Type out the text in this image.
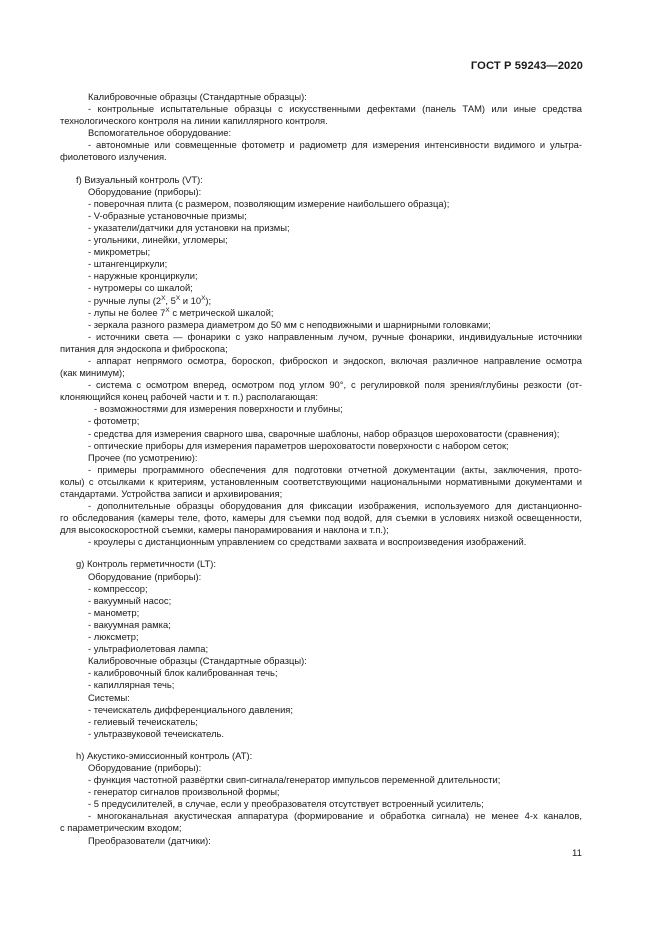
ГОСТ Р 59243—2020
Калибровочные образцы (Стандартные образцы):
- контрольные испытательные образцы с искусственными дефектами (панель ТАМ) или иные средства
технологического контроля на линии капиллярного контроля.
Вспомогательное оборудование:
- автономные или совмещенные фотометр и радиометр для измерения интенсивности видимого и ультра-
фиолетового излучения.
f) Визуальный контроль (VT):
Оборудование (приборы):
- поверочная плита (с размером, позволяющим измерение наибольшего образца);
- V-образные установочные призмы;
- указатели/датчики для установки на призмы;
- угольники, линейки, угломеры;
- микрометры;
- штангенциркули;
- наружные кронциркули;
- нутромеры со шкалой;
- ручные лупы ($2^X$, $5^X$ и $10^X$);
- лупы не более $7^X$ с метрической шкалой;
- зеркала разного размера диаметром до 50 мм с неподвижными и шарнирными головками;
- источники света — фонарики с узко направленным лучом, ручные фонарики, индивидуальные источники
питания для эндоскопа и фиброскопа;
- аппарат непрямого осмотра, бороскоп, фиброскоп и эндоскоп, включая различное направление осмотра
(как минимум);
- система с осмотром вперед, осмотром под углом 90°, с регулировкой поля зрения/глубины резкости (от-
клоняющийся конец рабочей части и т. п.) располагающая:
- возможностями для измерения поверхности и глубины;
- фотометр;
- средства для измерения сварного шва, сварочные шаблоны, набор образцов шероховатости (сравнения);
- оптические приборы для измерения параметров шероховатости поверхности с набором сеток;
Прочее (по усмотрению):
- примеры программного обеспечения для подготовки отчетной документации (акты, заключения, прото-
колы) с отсылками к критериям, установленным соответствующими национальными нормативными документами и
стандартами. Устройства записи и архивирования;
- дополнительные образцы оборудования для фиксации изображения, используемого для дистанционно-
го обследования (камеры теле, фото, камеры для съемки под водой, для съемки в условиях низкой освещенности,
для высокоскоростной съемки, камеры панорамирования и наклона и т.п.);
- кроулеры с дистанционным управлением со средствами захвата и воспроизведения изображений.
g) Контроль герметичности (LT):
Оборудование (приборы):
- компрессор;
- вакуумный насос;
- манометр;
- вакуумная рамка;
- люксметр;
- ультрафиолетовая лампа;
Калибровочные образцы (Стандартные образцы):
- калибровочный блок калиброванная течь;
- капиллярная течь;
Системы:
- течеискатель дифференциального давления;
- гелиевый течеискатель;
- ультразвуковой течеискатель.
h) Акустико-эмиссионный контроль (AT):
Оборудование (приборы):
- функция частотной развёртки свип-сигнала/генератор импульсов переменной длительности;
- генератор сигналов произвольной формы;
- 5 предусилителей, в случае, если у преобразователя отсутствует встроенный усилитель;
- многоканальная акустическая аппаратура (формирование и обработка сигнала) не менее 4-х каналов,
с параметрическим входом;
Преобразователи (датчики):
11
